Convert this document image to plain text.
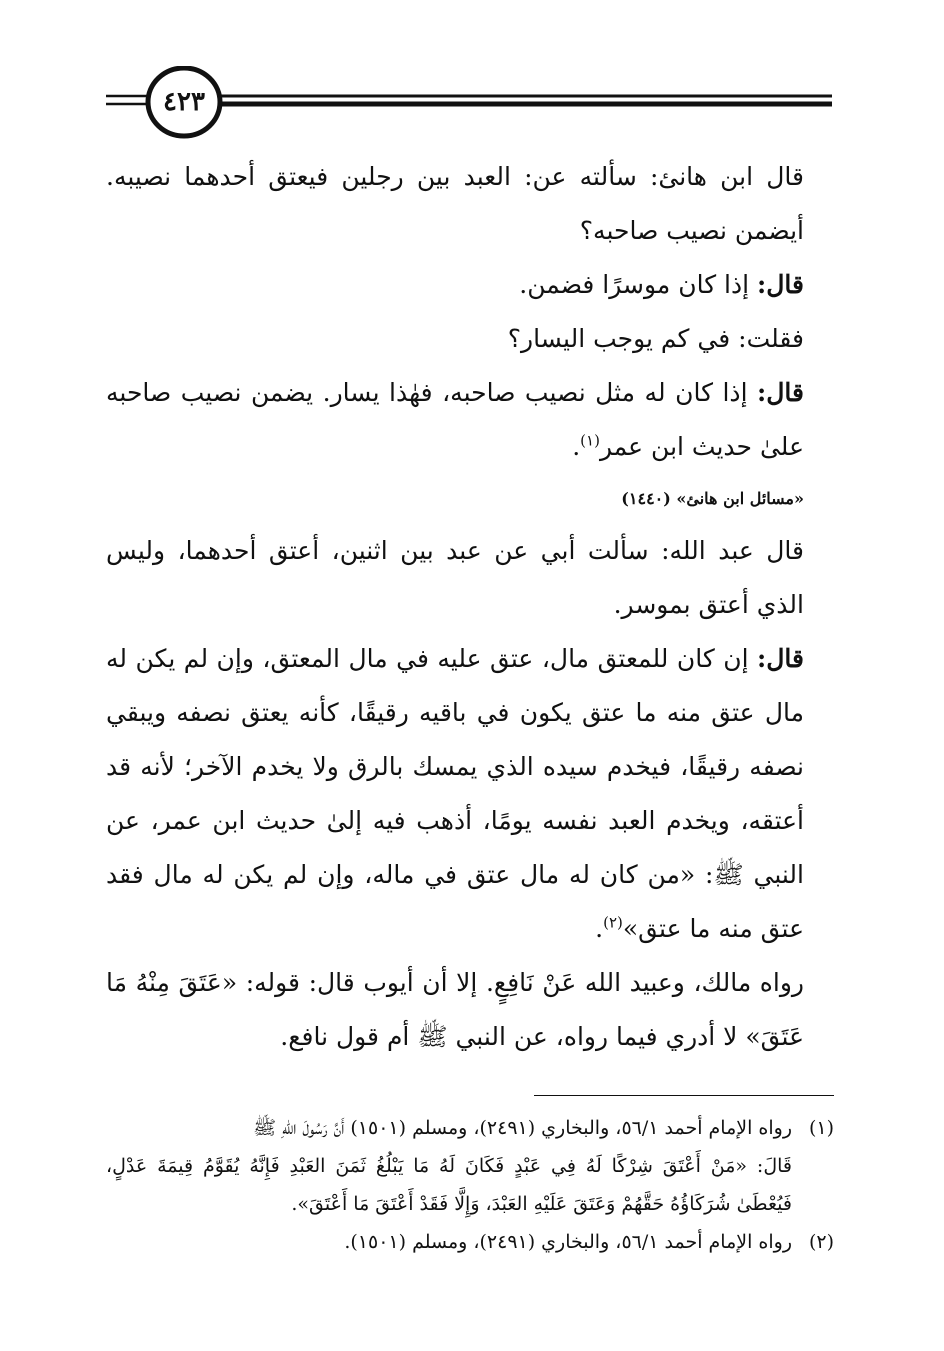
٤٢٣

قال ابن هانئ: سألته عن: العبد بين رجلين فيعتق أحدهما نصيبه. أيضمن نصيب صاحبه؟

قال: إذا كان موسرًا فضمن.

فقلت: في كم يوجب اليسار؟

قال: إذا كان له مثل نصيب صاحبه، فهٰذا يسار. يضمن نصيب صاحبه علىٰ حديث ابن عمر$^{(١)}$.

«مسائل ابن هانئ» (١٤٤٠)

قال عبد الله: سألت أبي عن عبد بين اثنين، أعتق أحدهما، وليس الذي أعتق بموسر.

قال: إن كان للمعتق مال، عتق عليه في مال المعتق، وإن لم يكن له مال عتق منه ما عتق يكون في باقيه رقيقًا، كأنه يعتق نصفه ويبقي نصفه رقيقًا، فيخدم سيده الذي يمسك بالرق ولا يخدم الآخر؛ لأنه قد أعتقه، ويخدم العبد نفسه يومًا، أذهب فيه إلىٰ حديث ابن عمر، عن النبي ﷺ: «من كان له مال عتق في ماله، وإن لم يكن له مال فقد عتق منه ما عتق»$^{(٢)}$.

رواه مالك، وعبيد الله عَنْ نَافِعٍ. إلا أن أيوب قال: قوله: «عَتَقَ مِنْهُ مَا عَتَقَ» لا أدري فيما رواه، عن النبي ﷺ أم قول نافع.

(١)رواه الإمام أحمد ٥٦/١، والبخاري (٢٤٩١)، ومسلم (١٥٠١) أَنَّ رَسُولَ اللهِ ﷺ

قَالَ: «مَنْ أَعْتَقَ شِرْكًا لَهُ فِي عَبْدٍ فَكَانَ لَهُ مَا يَبْلُغُ ثَمَنَ العَبْدِ فَإِنَّهُ يُقَوَّمُ قِيمَةَ عَدْلٍ، فَيُعْطَىٰ شُرَكَاؤُهُ حَقَّهُمْ وَعَتَقَ عَلَيْهِ العَبْدَ، وَإِلَّا فَقَدْ أَعْتَقَ مَا أَعْتَقَ».

(٢)رواه الإمام أحمد ٥٦/١، والبخاري (٢٤٩١)، ومسلم (١٥٠١).
